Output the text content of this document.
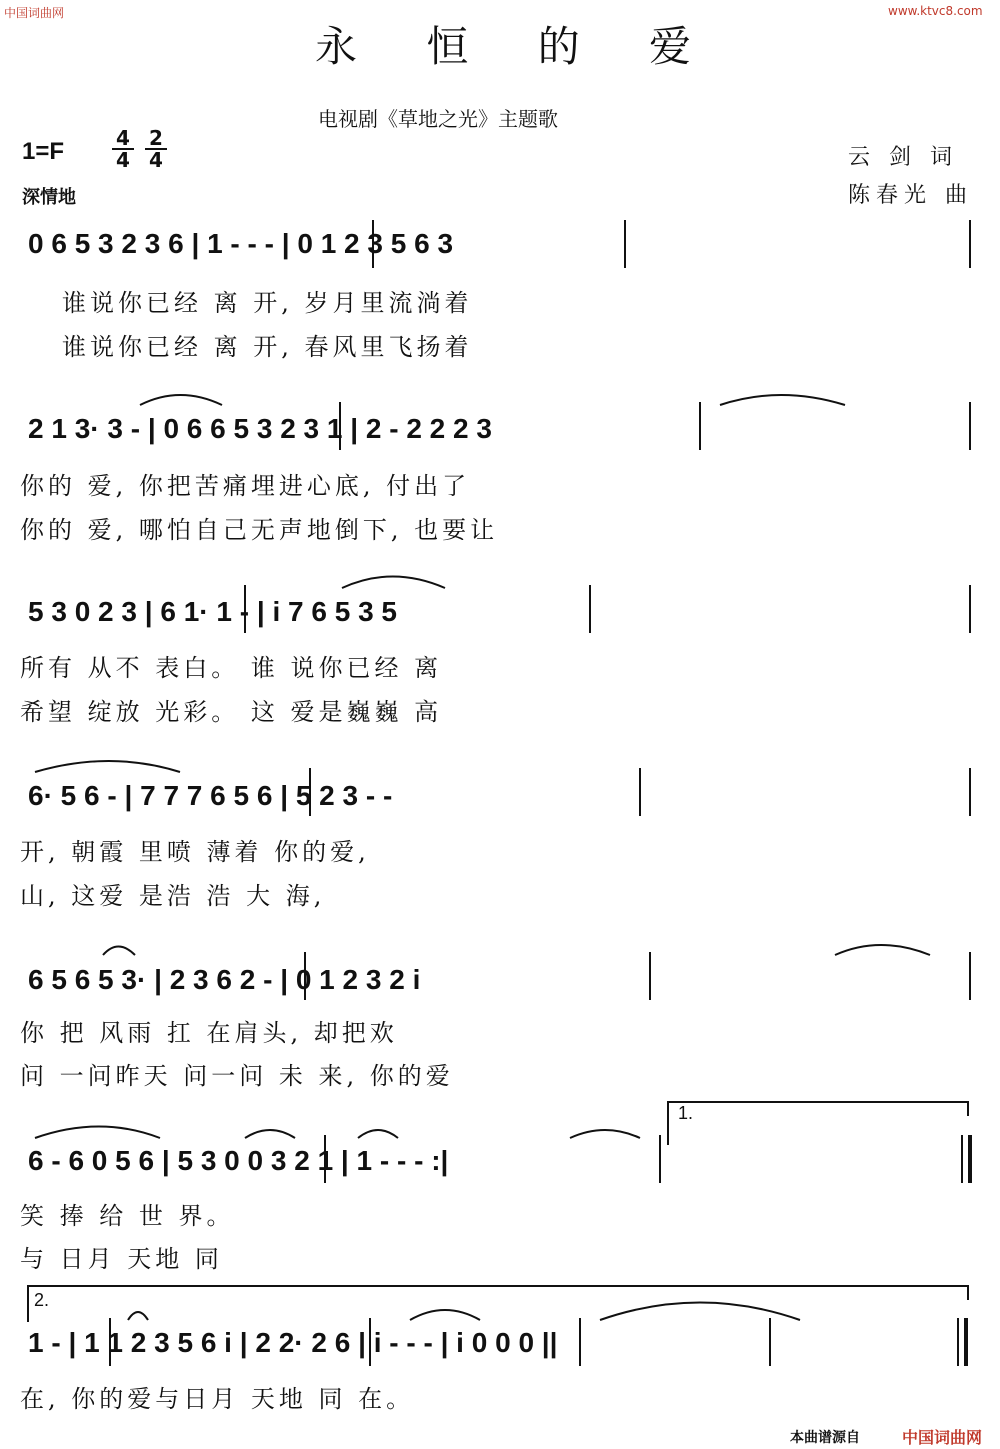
中国词曲网	www.ktvc8.com
永 恒 的 爱
电视剧《草地之光》主题歌
1=F	4
4
2
4
深情地
云 剑 词
陈春光 曲
0 6 5 3 2 3 6 | 1 - - - | 0 1 2 3 5 6 3
谁说你已经 离 开, 岁月里流淌着
谁说你已经 离 开, 春风里飞扬着
2 1 3· 3 - | 0 6 6 5 3 2 3 1 | 2 - 2 2 2 3
你的 爱, 你把苦痛埋进心底, 付出了
你的 爱, 哪怕自己无声地倒下, 也要让
5 3 0 2 3 | 6 1· 1 - | i 7 6 5 3 5
所有 从不 表白。 谁 说你已经 离
希望 绽放 光彩。 这 爱是巍巍 高
6· 5 6 - | 7 7 7 6 5 6 | 5 2 3 - -
开, 朝霞 里喷 薄着 你的爱,
山, 这爱 是浩 浩 大 海,
6 5 6 5 3· | 2 3 6 2 - | 0 1 2 3 2 i
你 把 风雨 扛 在肩头, 却把欢
问 一问昨天 问一问 未 来, 你的爱
1.
6 - 6 0 5 6 | 5 3 0 0 3 2 1 | 1 - - - :|
笑 捧 给 世 界。
与 日月 天地 同
2.
1 - | 1 1 2 3 5 6 i | 2 2· 2 6 | i - - - | i 0 0 0 ||
在, 你的爱与日月 天地 同 在。
本曲谱源自	中国词曲网
